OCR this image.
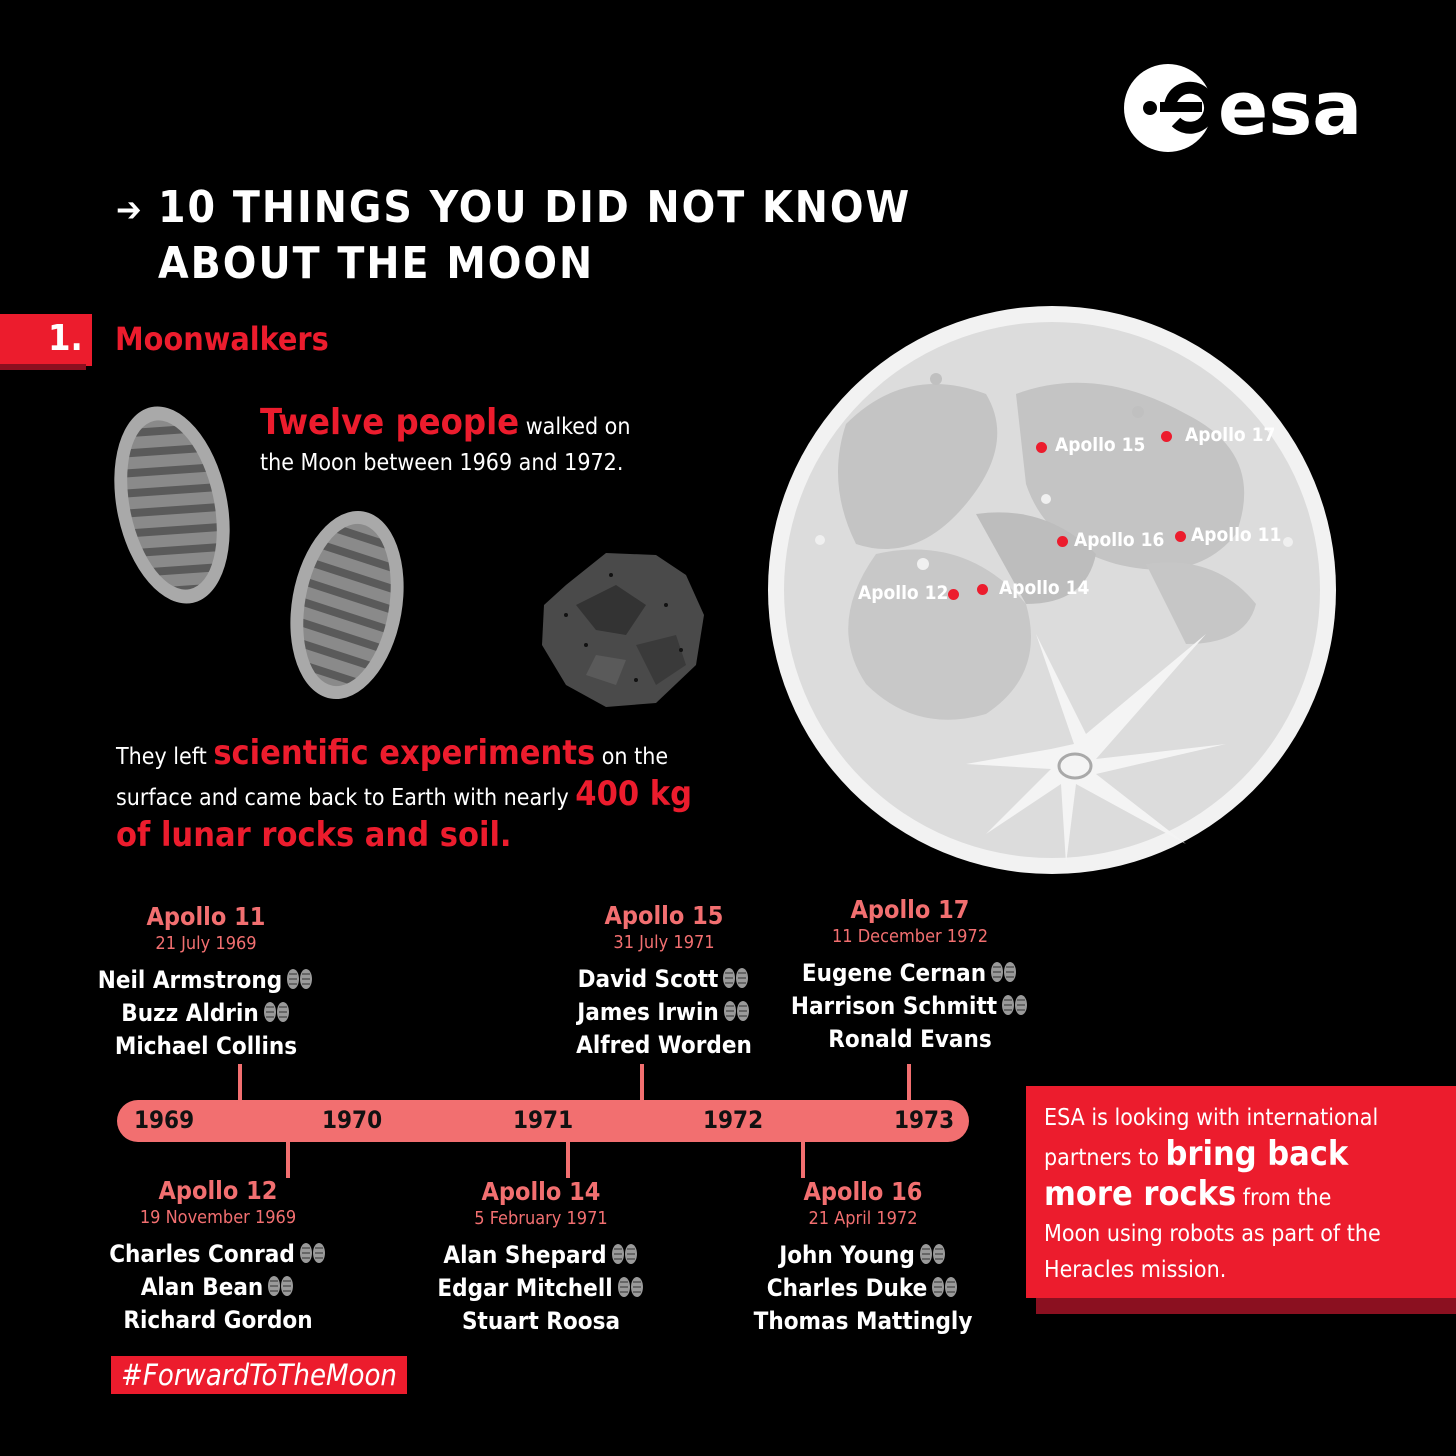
esa
➔ 10 THINGS YOU DID NOT KNOW
ABOUT THE MOON
1. Moonwalkers
Twelve people walked on
the Moon between 1969 and 1972.
They left scientific experiments on the
surface and came back to Earth with nearly 400 kg
of lunar rocks and soil.
Apollo 15 Apollo 17
Apollo 16 Apollo 11
Apollo 12	Apollo 14
1969	1970	1971	1972	1973
Apollo 11
21 July 1969
Neil Armstrong
Buzz Aldrin
Michael Collins
Apollo 12
19 November 1969
Charles Conrad
Alan Bean
Richard Gordon
Apollo 14
5 February 1971
Alan Shepard
Edgar Mitchell
Stuart Roosa
Apollo 15
31 July 1971
David Scott
James Irwin
Alfred Worden
Apollo 16
21 April 1972
John Young
Charles Duke
Thomas Mattingly
Apollo 17
11 December 1972
Eugene Cernan
Harrison Schmitt
Ronald Evans
ESA is looking with international
partners to bring back
more rocks from the
Moon using robots as part of the
Heracles mission.
#ForwardToTheMoon
